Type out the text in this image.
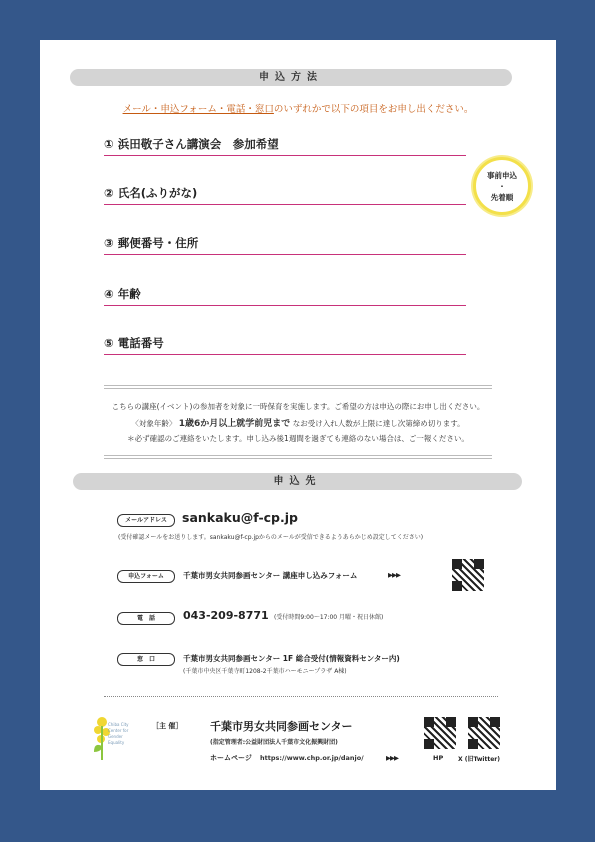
申込方法
メール・申込フォーム・電話・窓口のいずれかで以下の項目をお申し出ください。
① 浜田敬子さん講演会　参加希望
② 氏名(ふりがな)
③ 郵便番号・住所
④ 年齢
⑤ 電話番号
事前申込
・
先着順
こちらの講座(イベント)の参加者を対象に一時保育を実施します。ご希望の方は申込の際にお申し出ください。
〈対象年齢〉 1歳6か月以上就学前児まで なお受け入れ人数が上限に達し次第締め切ります。
＊必ず確認のご連絡をいたします。申し込み後1週間を過ぎても連絡のない場合は、ご一報ください。
申込先
メールアドレス	sankaku@f-cp.jp
(受付確認メールをお送りします。sankaku@f-cp.jpからのメールが受信できるようあらかじめ設定してください)
申込フォーム	千葉市男女共同参画センター 講座申し込みフォーム	▶▶▶
電　話	043-209-8771 (受付時間9:00～17:00 月曜・祝日休館)
窓　口	千葉市男女共同参画センター 1F 総合受付(情報資料センター内)
(千葉市中央区千葉寺町1208-2千葉市ハーモニープラザ A棟)
Chiba City Center for Gender Equality
［主 催］	千葉市男女共同参画センター
(指定管理者:公益財団法人千葉市文化振興財団)
ホームページ https://www.chp.or.jp/danjo/	▶▶▶	HP X (旧Twitter)
